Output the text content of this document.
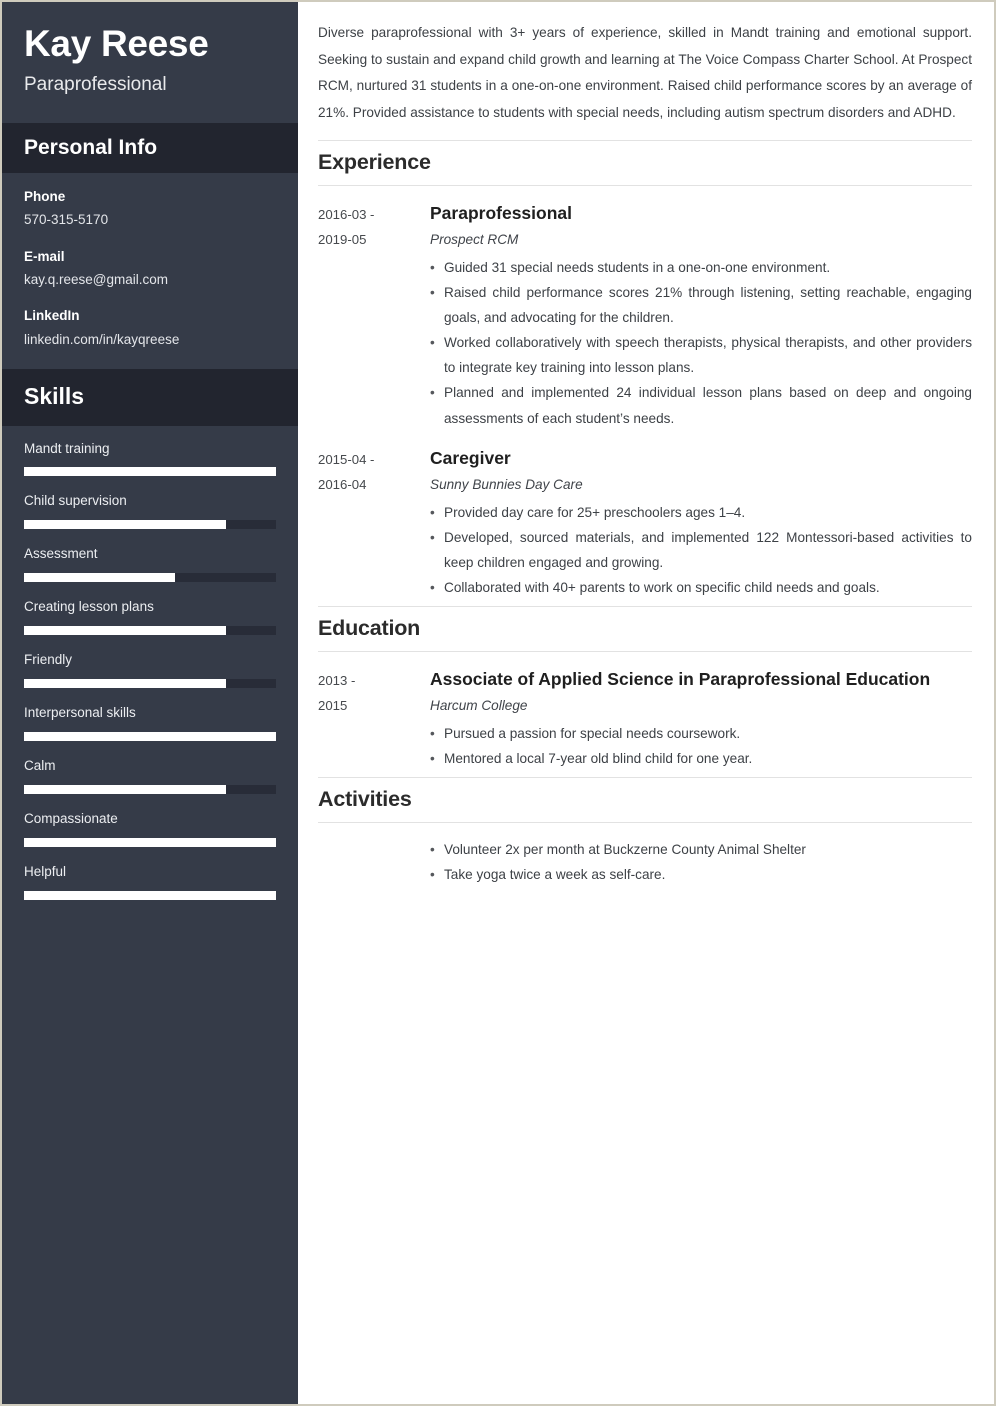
Kay Reese

Paraprofessional

Personal Info

Phone

570-315-5170

E-mail

kay.q.reese@gmail.com

LinkedIn

linkedin.com/in/kayqreese

Skills

Mandt training

Child supervision

Assessment

Creating lesson plans

Friendly

Interpersonal skills

Calm

Compassionate

Helpful

Diverse paraprofessional with 3+ years of experience, skilled in Mandt training and emotional support. Seeking to sustain and expand child growth and learning at The Voice Compass Charter School. At Prospect RCM, nurtured 31 students in a one-on-one environment. Raised child performance scores by an average of 21%. Provided assistance to students with special needs, including autism spectrum disorders and ADHD.

Experience
2016-03 -
2019-05
Paraprofessional

Prospect RCM

• Guided 31 special needs students in a one-on-one environment.
• Raised child performance scores 21% through listening, setting reachable, engaging goals, and advocating for the children.
• Worked collaboratively with speech therapists, physical therapists, and other providers to integrate key training into lesson plans.
• Planned and implemented 24 individual lesson plans based on deep and ongoing assessments of each student’s needs.
2015-04 -
2016-04
Caregiver

Sunny Bunnies Day Care

• Provided day care for 25+ preschoolers ages 1–4.
• Developed, sourced materials, and implemented 122 Montessori-based activities to keep children engaged and growing.
• Collaborated with 40+ parents to work on specific child needs and goals.
Education
2013 -
2015
Associate of Applied Science in Paraprofessional Education

Harcum College

• Pursued a passion for special needs coursework.
• Mentored a local 7-year old blind child for one year.
Activities
• Volunteer 2x per month at Buckzerne County Animal Shelter
• Take yoga twice a week as self-care.
